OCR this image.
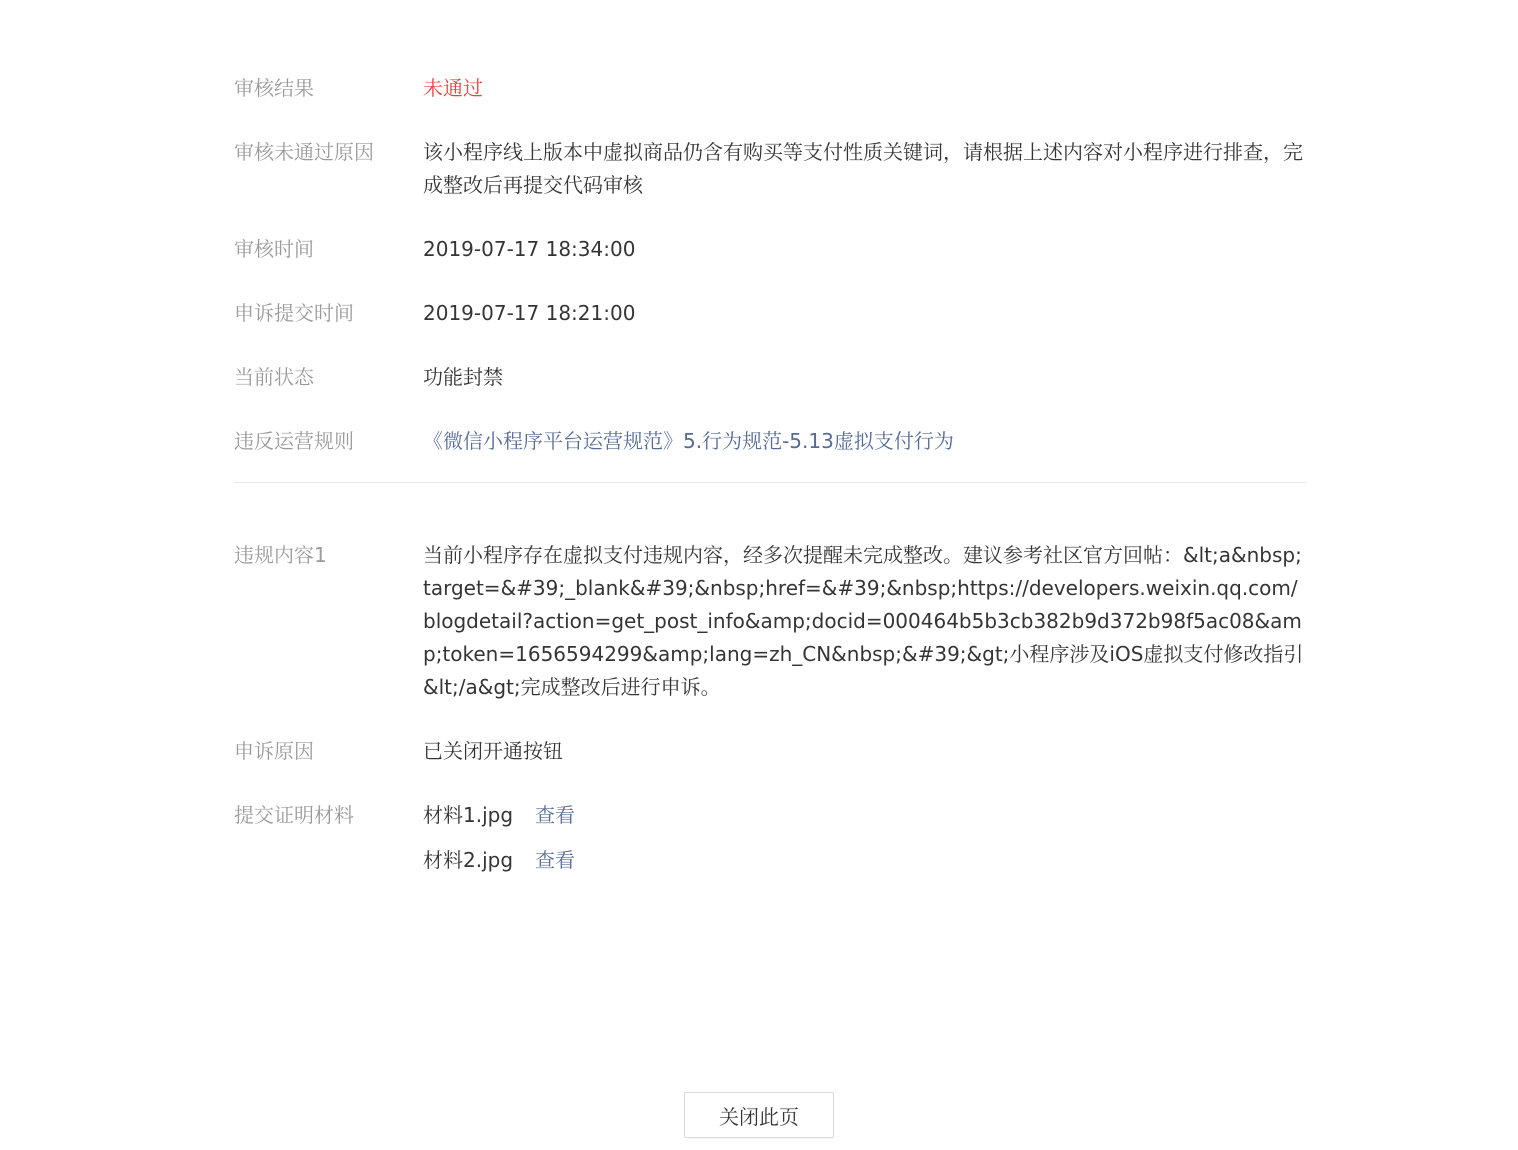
审核结果	未通过
审核未通过原因	该小程序线上版本中虚拟商品仍含有购买等支付性质关键词，请根据上述内容对小程序进行排查，完成整改后再提交代码审核
审核时间	2019-07-17 18:34:00
申诉提交时间	2019-07-17 18:21:00
当前状态	功能封禁
违反运营规则	《微信小程序平台运营规范》5.行为规范-5.13虚拟支付行为
违规内容1	当前小程序存在虚拟支付违规内容，经多次提醒未完成整改。建议参考社区官方回帖：&lt;a&nbsp;target=&#39;_blank&#39;&nbsp;href=&#39;&nbsp;https://developers.weixin.qq.com/blogdetail?action=get_post_info&amp;docid=000464b5b3cb382b9d372b98f5ac08&amp;token=1656594299&amp;lang=zh_CN&nbsp;&#39;&gt;小程序涉及iOS虚拟支付修改指引&lt;/a&gt;完成整改后进行申诉。
申诉原因	已关闭开通按钮
提交证明材料	材料1.jpg 查看
材料2.jpg 查看
关闭此页
